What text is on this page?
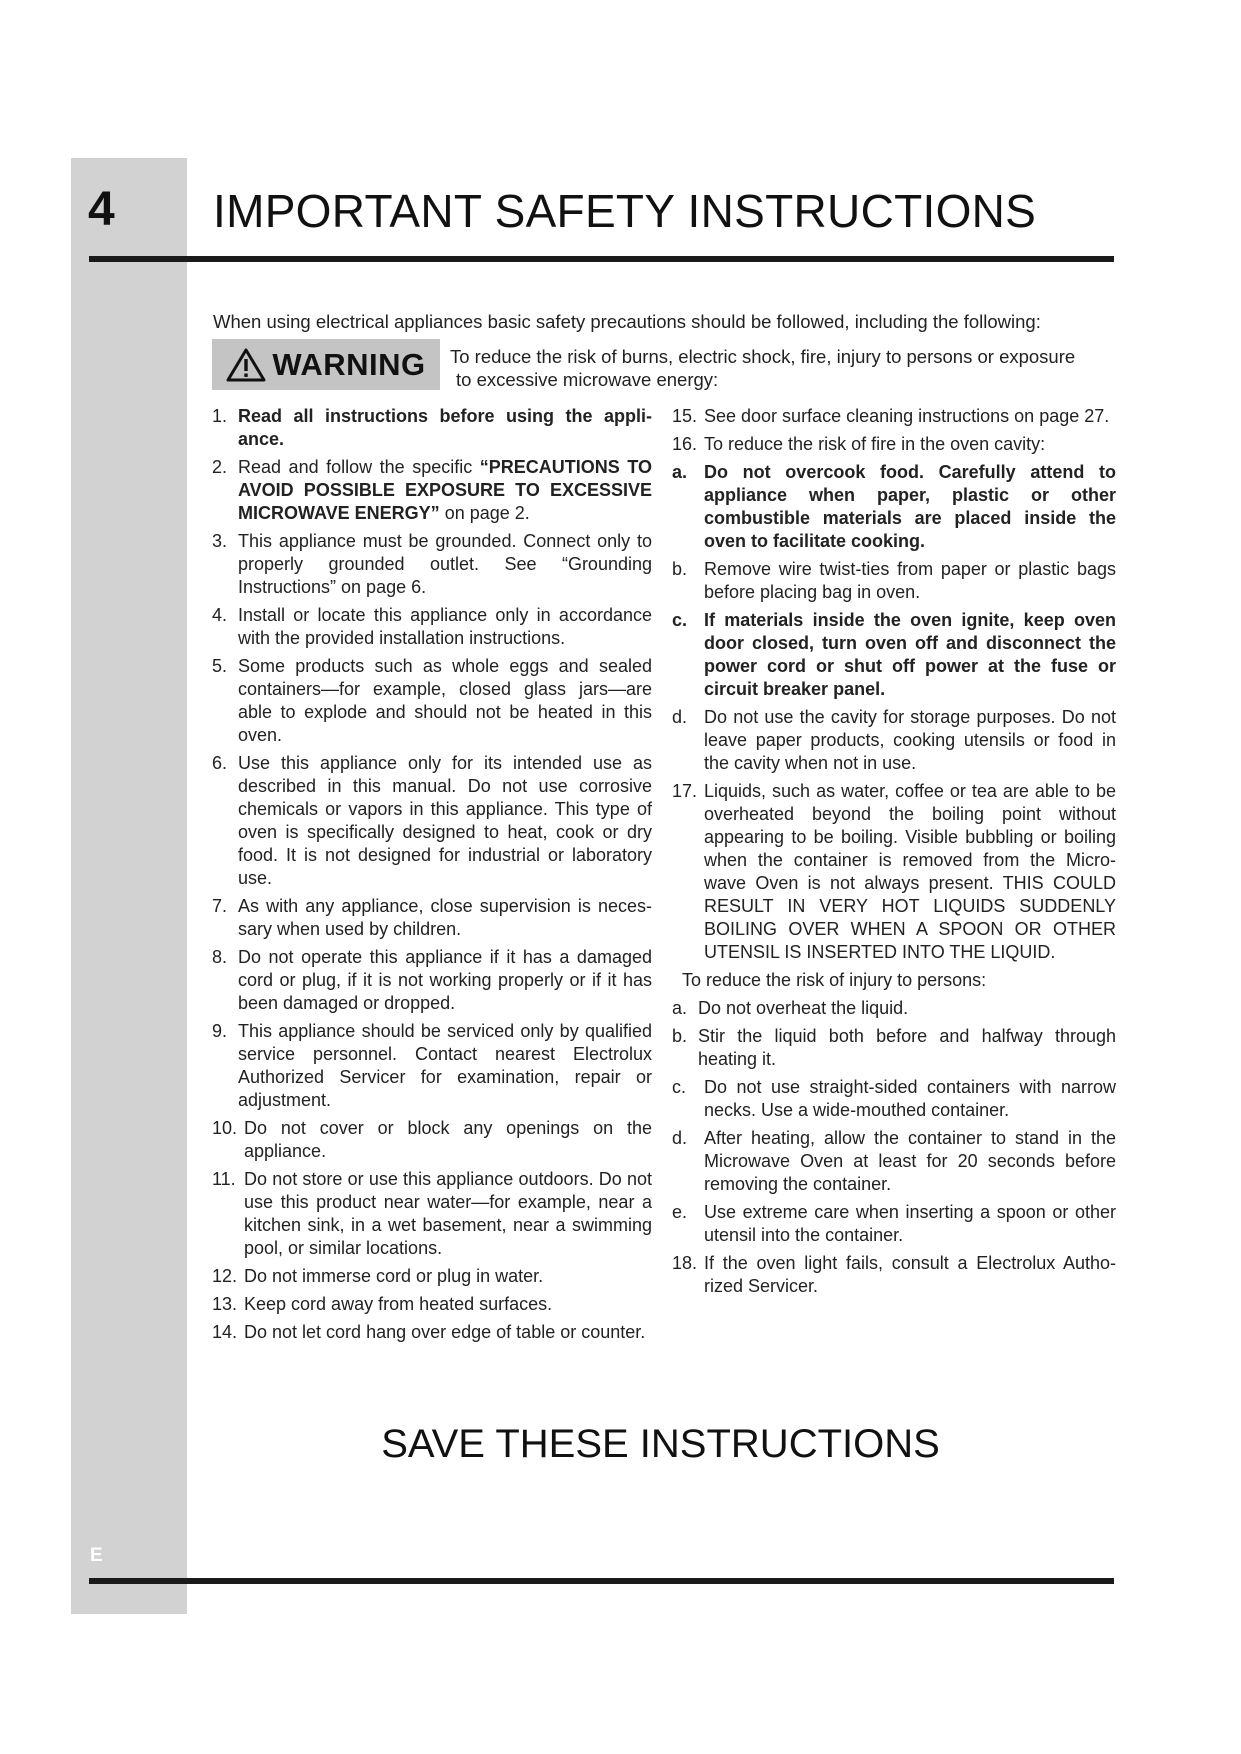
4 IMPORTANT SAFETY INSTRUCTIONS
When using electrical appliances basic safety precautions should be followed, including the following:
WARNING To reduce the risk of burns, electric shock, fire, injury to persons or exposure
to excessive microwave energy:
1. Read all instructions before using the appli-ance.
2. Read and follow the specific “PRECAUTIONS TO AVOID POSSIBLE EXPOSURE TO EXCESSIVE MICROWAVE ENERGY” on page 2.
3. This appliance must be grounded. Connect only to properly grounded outlet. See “Grounding Instructions” on page 6.
4. Install or locate this appliance only in accordance with the provided installation instructions.
5. Some products such as whole eggs and sealed containers—for example, closed glass jars—are able to explode and should not be heated in this oven.
6. Use this appliance only for its intended use as described in this manual. Do not use corrosive chemicals or vapors in this appliance. This type of oven is specifically designed to heat, cook or dry food. It is not designed for industrial or laboratory use.
7. As with any appliance, close supervision is neces-sary when used by children.
8. Do not operate this appliance if it has a damaged cord or plug, if it is not working properly or if it has been damaged or dropped.
9. This appliance should be serviced only by qualified service personnel. Contact nearest Electrolux Authorized Servicer for examination, repair or adjustment.
10. Do not cover or block any openings on the appliance.
11. Do not store or use this appliance outdoors. Do not use this product near water—for example, near a kitchen sink, in a wet basement, near a swimming pool, or similar locations.
12. Do not immerse cord or plug in water.
13. Keep cord away from heated surfaces.
14. Do not let cord hang over edge of table or counter.
15. See door surface cleaning instructions on page 27.
16. To reduce the risk of fire in the oven cavity:
a. Do not overcook food. Carefully attend to appliance when paper, plastic or other combustible materials are placed inside the oven to facilitate cooking.
b. Remove wire twist-ties from paper or plastic bags before placing bag in oven.
c. If materials inside the oven ignite, keep oven door closed, turn oven off and disconnect the power cord or shut off power at the fuse or circuit breaker panel.
d. Do not use the cavity for storage purposes. Do not leave paper products, cooking utensils or food in the cavity when not in use.
17. Liquids, such as water, coffee or tea are able to be overheated beyond the boiling point without appearing to be boiling. Visible bubbling or boiling when the container is removed from the Micro-wave Oven is not always present. THIS COULD RESULT IN VERY HOT LIQUIDS SUDDENLY BOILING OVER WHEN A SPOON OR OTHER UTENSIL IS INSERTED INTO THE LIQUID.
To reduce the risk of injury to persons:
a. Do not overheat the liquid.
b. Stir the liquid both before and halfway through heating it.
c. Do not use straight-sided containers with narrow necks. Use a wide-mouthed container.
d. After heating, allow the container to stand in the Microwave Oven at least for 20 seconds before removing the container.
e. Use extreme care when inserting a spoon or other utensil into the container.
18. If the oven light fails, consult a Electrolux Autho-rized Servicer.
SAVE THESE INSTRUCTIONS
E
